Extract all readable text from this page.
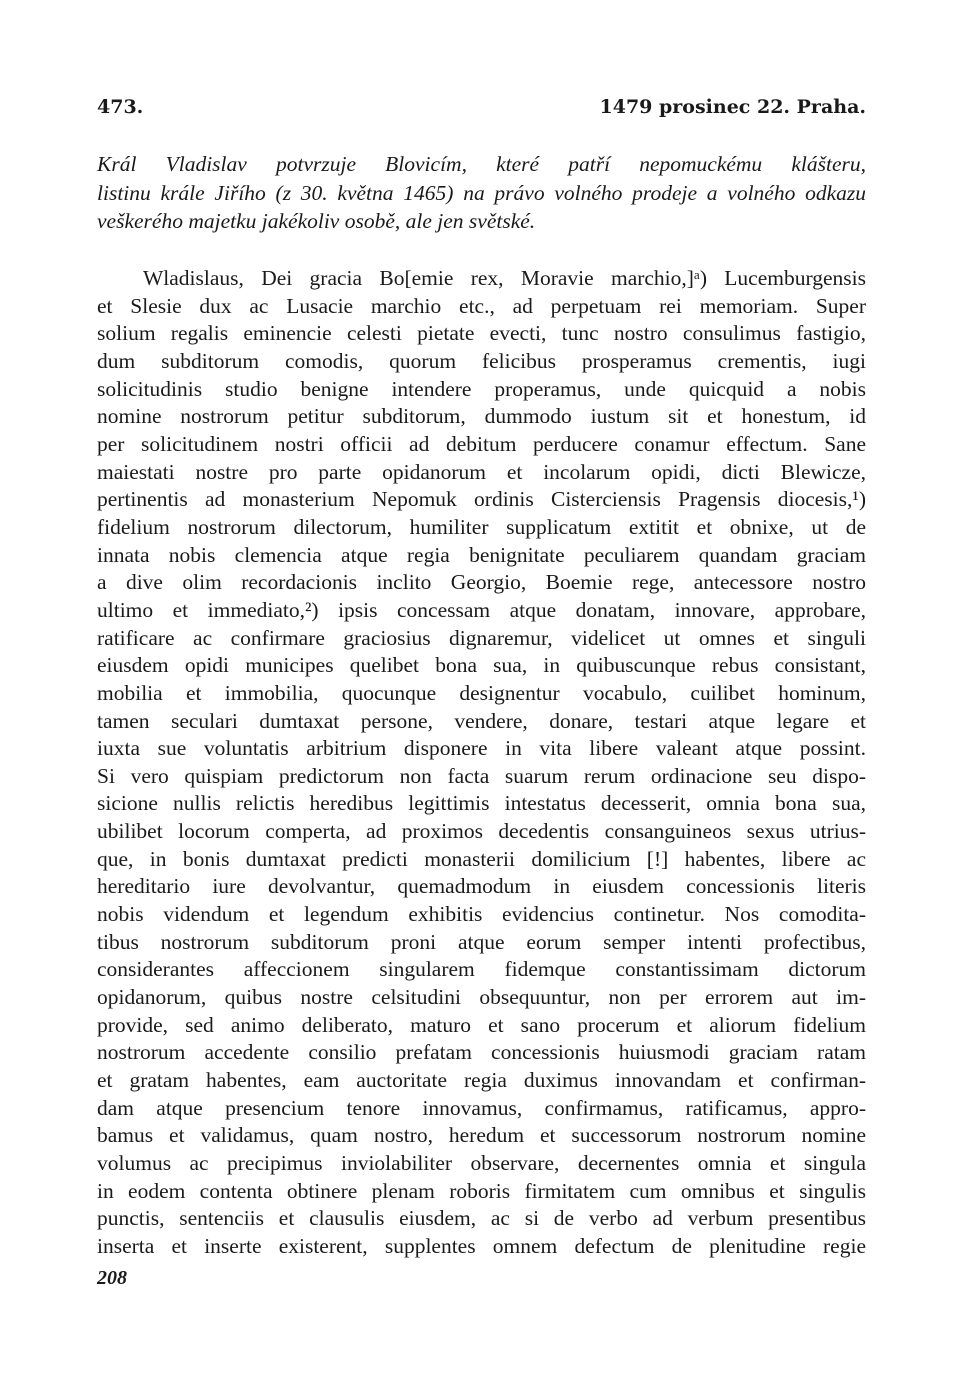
473.	1479 prosinec 22. Praha.
Král Vladislav potvrzuje Blovicím, které patří nepomuckému klášteru,
listinu krále Jiřího (z 30. května 1465) na právo volného prodeje a volného odkazu
veškerého majetku jakékoliv osobě, ale jen světské.
Wladislaus, Dei gracia Bo[emie rex, Moravie marchio,]ᵃ) Lucemburgensis
et Slesie dux ac Lusacie marchio etc., ad perpetuam rei memoriam. Super
solium regalis eminencie celesti pietate evecti, tunc nostro consulimus fastigio,
dum subditorum comodis, quorum felicibus prosperamus crementis, iugi
solicitudinis studio benigne intendere properamus, unde quicquid a nobis
nomine nostrorum petitur subditorum, dummodo iustum sit et honestum, id
per solicitudinem nostri officii ad debitum perducere conamur effectum. Sane
maiestati nostre pro parte opidanorum et incolarum opidi, dicti Blewicze,
pertinentis ad monasterium Nepomuk ordinis Cisterciensis Pragensis diocesis,¹)
fidelium nostrorum dilectorum, humiliter supplicatum extitit et obnixe, ut de
innata nobis clemencia atque regia benignitate peculiarem quandam graciam
a dive olim recordacionis inclito Georgio, Boemie rege, antecessore nostro
ultimo et immediato,²) ipsis concessam atque donatam, innovare, approbare,
ratificare ac confirmare graciosius dignaremur, videlicet ut omnes et singuli
eiusdem opidi municipes quelibet bona sua, in quibuscunque rebus consistant,
mobilia et immobilia, quocunque designentur vocabulo, cuilibet hominum,
tamen seculari dumtaxat persone, vendere, donare, testari atque legare et
iuxta sue voluntatis arbitrium disponere in vita libere valeant atque possint.
Si vero quispiam predictorum non facta suarum rerum ordinacione seu dispo-
sicione nullis relictis heredibus legittimis intestatus decesserit, omnia bona sua,
ubilibet locorum comperta, ad proximos decedentis consanguineos sexus utrius-
que, in bonis dumtaxat predicti monasterii domilicium [!] habentes, libere ac
hereditario iure devolvantur, quemadmodum in eiusdem concessionis literis
nobis videndum et legendum exhibitis evidencius continetur. Nos comodita-
tibus nostrorum subditorum proni atque eorum semper intenti profectibus,
considerantes affeccionem singularem fidemque constantissimam dictorum
opidanorum, quibus nostre celsitudini obsequuntur, non per errorem aut im-
provide, sed animo deliberato, maturo et sano procerum et aliorum fidelium
nostrorum accedente consilio prefatam concessionis huiusmodi graciam ratam
et gratam habentes, eam auctoritate regia duximus innovandam et confirman-
dam atque presencium tenore innovamus, confirmamus, ratificamus, appro-
bamus et validamus, quam nostro, heredum et successorum nostrorum nomine
volumus ac precipimus inviolabiliter observare, decernentes omnia et singula
in eodem contenta obtinere plenam roboris firmitatem cum omnibus et singulis
punctis, sentenciis et clausulis eiusdem, ac si de verbo ad verbum presentibus
inserta et inserte existerent, supplentes omnem defectum de plenitudine regie
208
